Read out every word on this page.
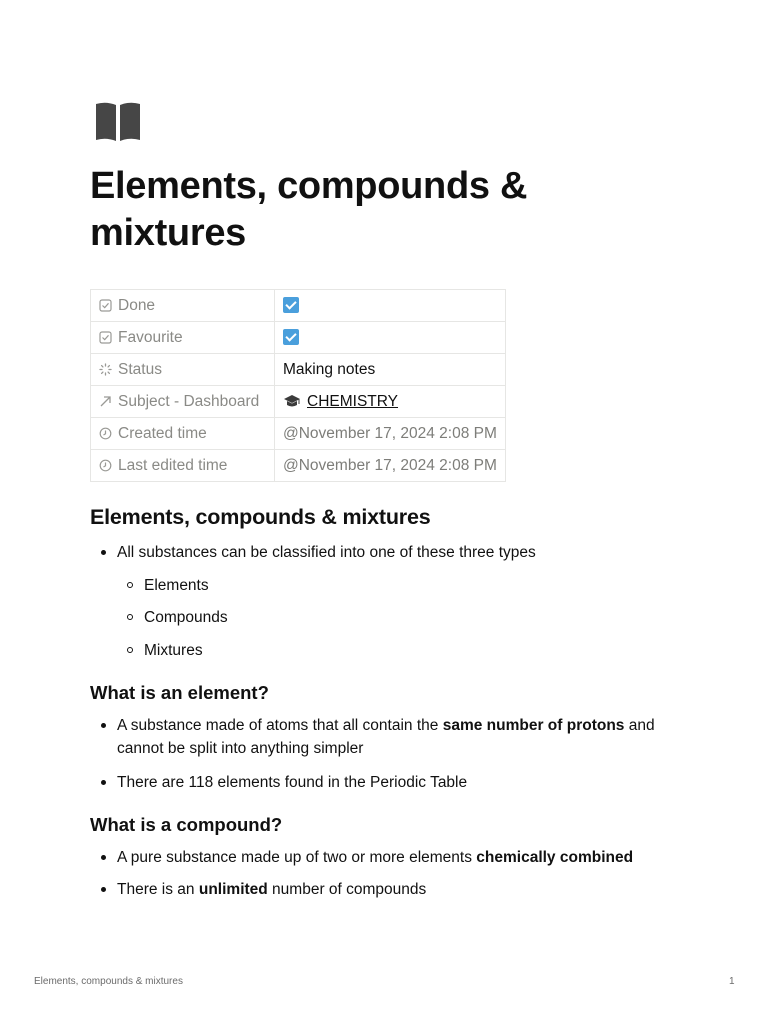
Elements, compounds & mixtures
Done	
Favourite	
Status	Making notes
Subject - Dashboard	CHEMISTRY
Created time	@November 17, 2024 2:08 PM
Last edited time	@November 17, 2024 2:08 PM
Elements, compounds & mixtures
All substances can be classified into one of these three types
Elements
Compounds
Mixtures
What is an element?
A substance made of atoms that all contain the same number of protons and
cannot be split into anything simpler
There are 118 elements found in the Periodic Table
What is a compound?
A pure substance made up of two or more elements chemically combined
There is an unlimited number of compounds
Elements, compounds & mixtures	1
